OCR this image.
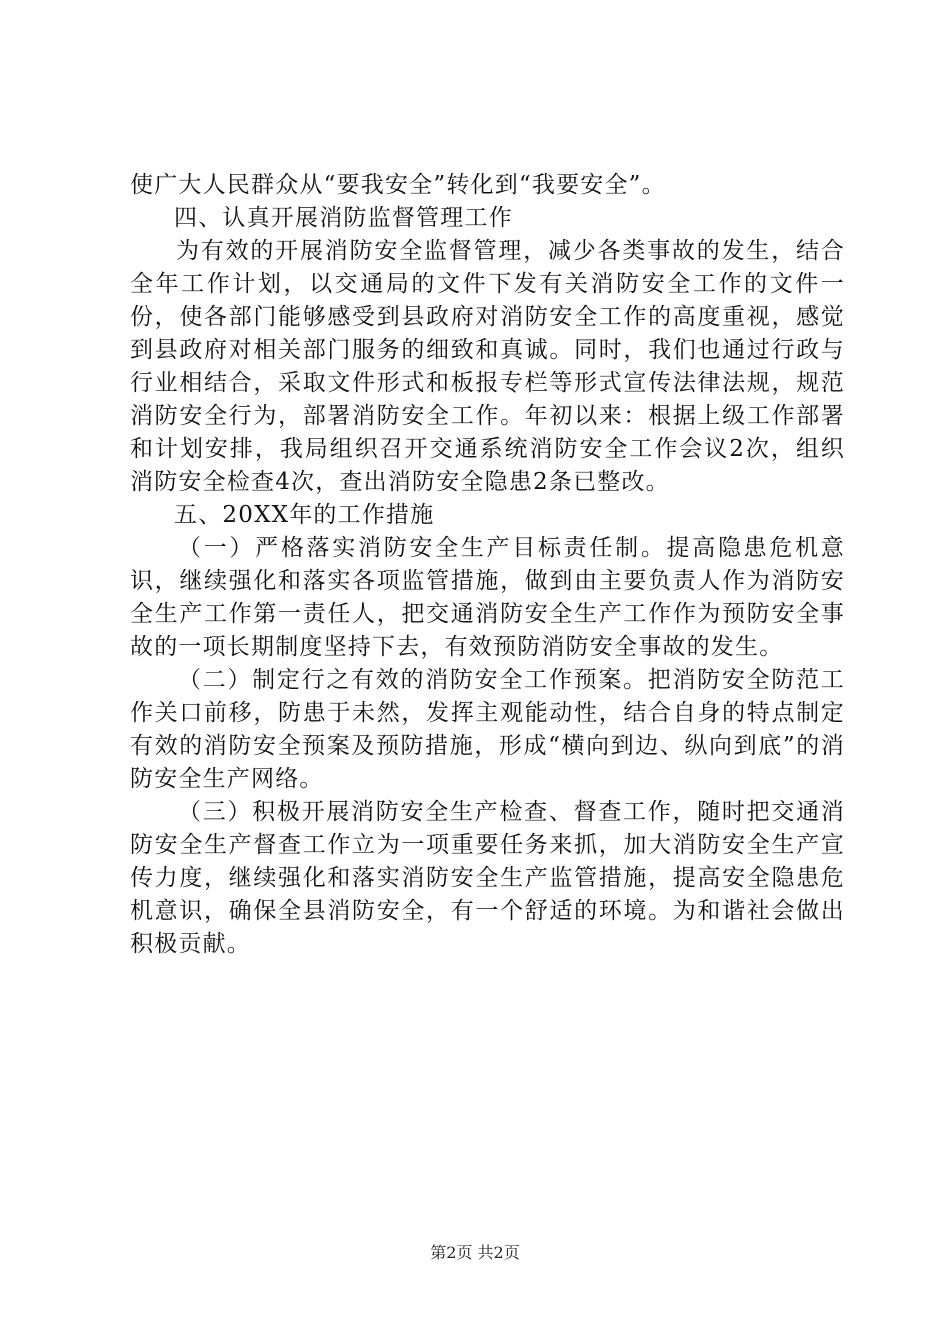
使广大人民群众从“要我安全”转化到“我要安全”。

四、认真开展消防监督管理工作

为有效的开展消防安全监督管理，减少各类事故的发生，结合全年工作计划，以交通局的文件下发有关消防安全工作的文件一份，使各部门能够感受到县政府对消防安全工作的高度重视，感觉到县政府对相关部门服务的细致和真诚。同时，我们也通过行政与行业相结合，采取文件形式和板报专栏等形式宣传法律法规，规范消防安全行为，部署消防安全工作。年初以来：根据上级工作部署和计划安排，我局组织召开交通系统消防安全工作会议2次，组织消防安全检查4次，查出消防安全隐患2条已整改。

五、20XX年的工作措施

（一）严格落实消防安全生产目标责任制。提高隐患危机意识，继续强化和落实各项监管措施，做到由主要负责人作为消防安全生产工作第一责任人，把交通消防安全生产工作作为预防安全事故的一项长期制度坚持下去，有效预防消防安全事故的发生。

（二）制定行之有效的消防安全工作预案。把消防安全防范工作关口前移，防患于未然，发挥主观能动性，结合自身的特点制定有效的消防安全预案及预防措施，形成“横向到边、纵向到底”的消防安全生产网络。

（三）积极开展消防安全生产检查、督查工作，随时把交通消防安全生产督查工作立为一项重要任务来抓，加大消防安全生产宣传力度，继续强化和落实消防安全生产监管措施，提高安全隐患危机意识，确保全县消防安全，有一个舒适的环境。为和谐社会做出积极贡献。

第2页 共2页
